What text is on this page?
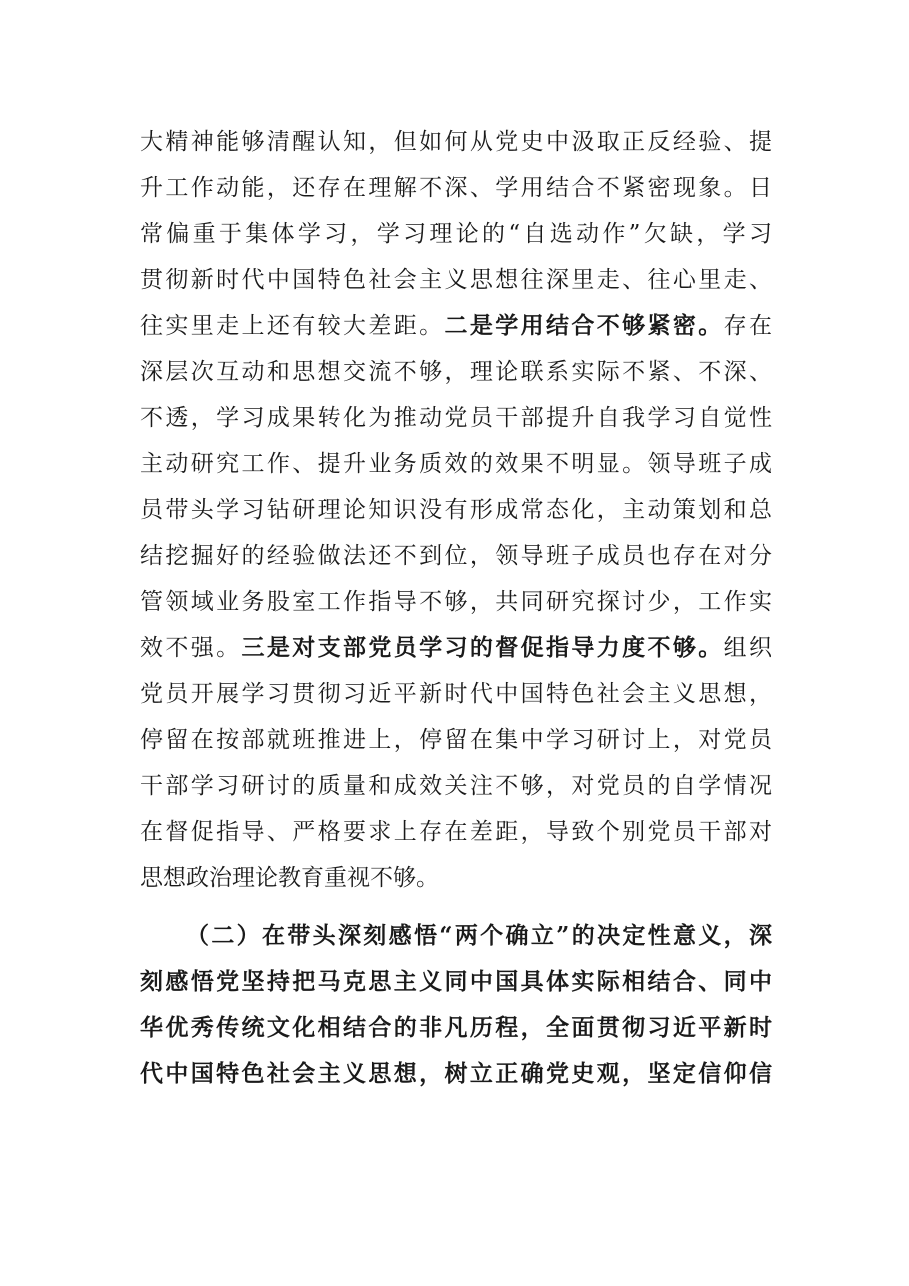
大精神能够清醒认知，但如何从党史中汲取正反经验、提
升工作动能，还存在理解不深、学用结合不紧密现象。日
常偏重于集体学习，学习理论的“自选动作”欠缺，学习
贯彻新时代中国特色社会主义思想往深里走、往心里走、
往实里走上还有较大差距。二是学用结合不够紧密。存在
深层次互动和思想交流不够，理论联系实际不紧、不深、
不透，学习成果转化为推动党员干部提升自我学习自觉性
主动研究工作、提升业务质效的效果不明显。领导班子成
员带头学习钻研理论知识没有形成常态化，主动策划和总
结挖掘好的经验做法还不到位，领导班子成员也存在对分
管领域业务股室工作指导不够，共同研究探讨少，工作实
效不强。三是对支部党员学习的督促指导力度不够。组织
党员开展学习贯彻习近平新时代中国特色社会主义思想，
停留在按部就班推进上，停留在集中学习研讨上，对党员
干部学习研讨的质量和成效关注不够，对党员的自学情况
在督促指导、严格要求上存在差距，导致个别党员干部对
思想政治理论教育重视不够。
（二）在带头深刻感悟“两个确立”的决定性意义，深
刻感悟党坚持把马克思主义同中国具体实际相结合、同中
华优秀传统文化相结合的非凡历程，全面贯彻习近平新时
代中国特色社会主义思想，树立正确党史观，坚定信仰信
